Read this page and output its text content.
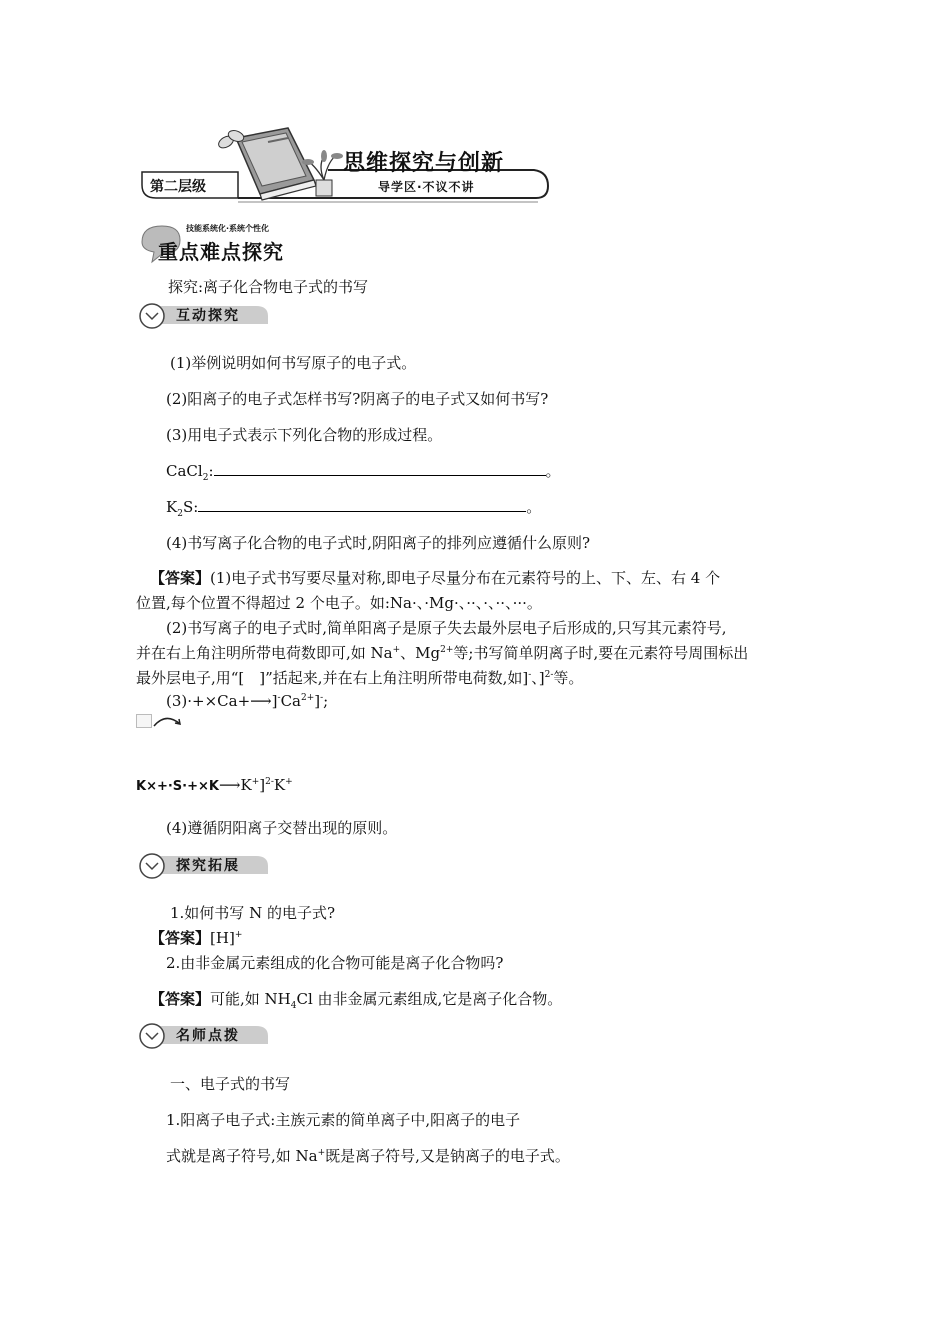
第二层级
思维探究与创新
导学区·不议不讲
技能系统化·系统个性化
重点难点探究
探究:离子化合物电子式的书写
互动探究
(1)举例说明如何书写原子的电子式。
(2)阳离子的电子式怎样书写?阴离子的电子式又如何书写?
(3)用电子式表示下列化合物的形成过程。
CaCl$_2$:	。
$K_2S$:	。
(4)书写离子化合物的电子式时,阴阳离子的排列应遵循什么原则?
【答案】(1)电子式书写要尽量对称,即电子尽量分布在元素符号的上、下、左、右 4 个
位置,每个位置不得超过 2 个电子。如:Na·、·Mg·、··、·、··、···。
(2)书写离子的电子式时,简单阳离子是原子失去最外层电子后形成的,只写其元素符号,
并在右上角注明所带电荷数即可,如 Na+、$Mg^{2+}$等;书写简单阴离子时,要在元素符号周围标出
最外层电子,用“[　]”括起来,并在右上角注明所带电荷数,如]-、]$^{2-}$等。
$(3)\cdot+\times Ca+⟶]^-Ca^{2+}]^-$;
K×+·S·+×K⟶K+]$^{2-}$K+
(4)遵循阴阳离子交替出现的原则。
探究拓展
1.如何书写 N 的电子式?
【答案】[H]+
2.由非金属元素组成的化合物可能是离子化合物吗?
【答案】可能,如 $NH_4Cl$ 由非金属元素组成,它是离子化合物。
名师点拨
一、电子式的书写
1.阳离子电子式:主族元素的简单离子中,阳离子的电子
式就是离子符号,如 Na+既是离子符号,又是钠离子的电子式。
